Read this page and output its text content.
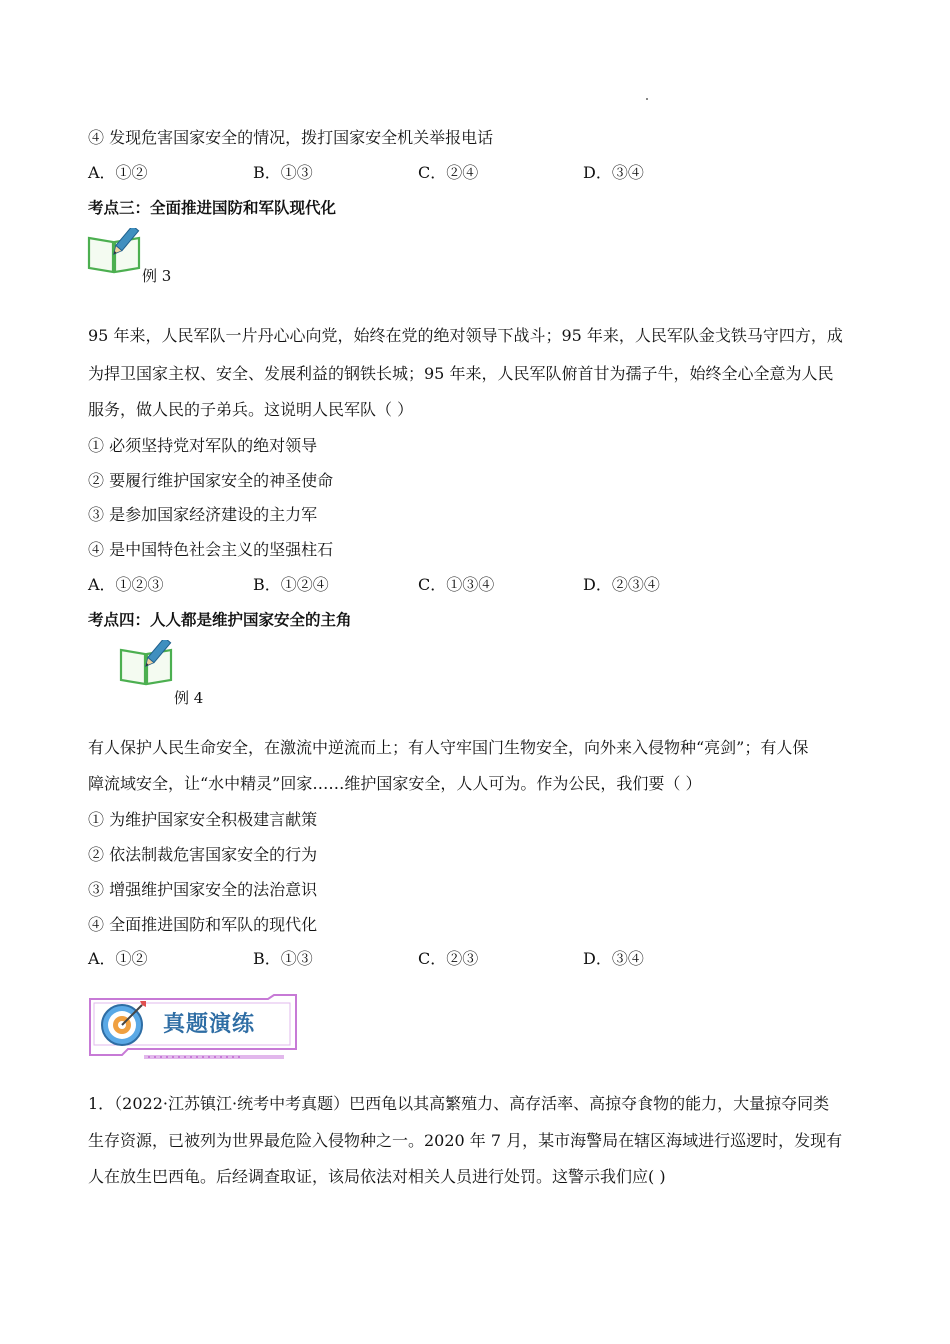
④ 发现危害国家安全的情况，拨打国家安全机关举报电话
A．①②	B．①③	C．②④	D．③④
考点三：全面推进国防和军队现代化
例 3
95 年来，人民军队一片丹心心向党，始终在党的绝对领导下战斗；95 年来，人民军队金戈铁马守四方，成
为捍卫国家主权、安全、发展利益的钢铁长城；95 年来，人民军队俯首甘为孺子牛，始终全心全意为人民
服务，做人民的子弟兵。这说明人民军队（ ）
① 必须坚持党对军队的绝对领导
② 要履行维护国家安全的神圣使命
③ 是参加国家经济建设的主力军
④ 是中国特色社会主义的坚强柱石
A．①②③	B．①②④	C．①③④	D．②③④
考点四：人人都是维护国家安全的主角
例 4
有人保护人民生命安全，在激流中逆流而上；有人守牢国门生物安全，向外来入侵物种“亮剑”；有人保
障流域安全，让“水中精灵”回家……维护国家安全，人人可为。作为公民，我们要（ ）
① 为维护国家安全积极建言献策
② 依法制裁危害国家安全的行为
③ 增强维护国家安全的法治意识
④ 全面推进国防和军队的现代化
A．①②	B．①③	C．②③	D．③④
真题演练
1．（2022·江苏镇江·统考中考真题）巴西龟以其高繁殖力、高存活率、高掠夺食物的能力，大量掠夺同类
生存资源，已被列为世界最危险入侵物种之一。2020 年 7 月，某市海警局在辖区海域进行巡逻时，发现有
人在放生巴西龟。后经调查取证，该局依法对相关人员进行处罚。这警示我们应( )
